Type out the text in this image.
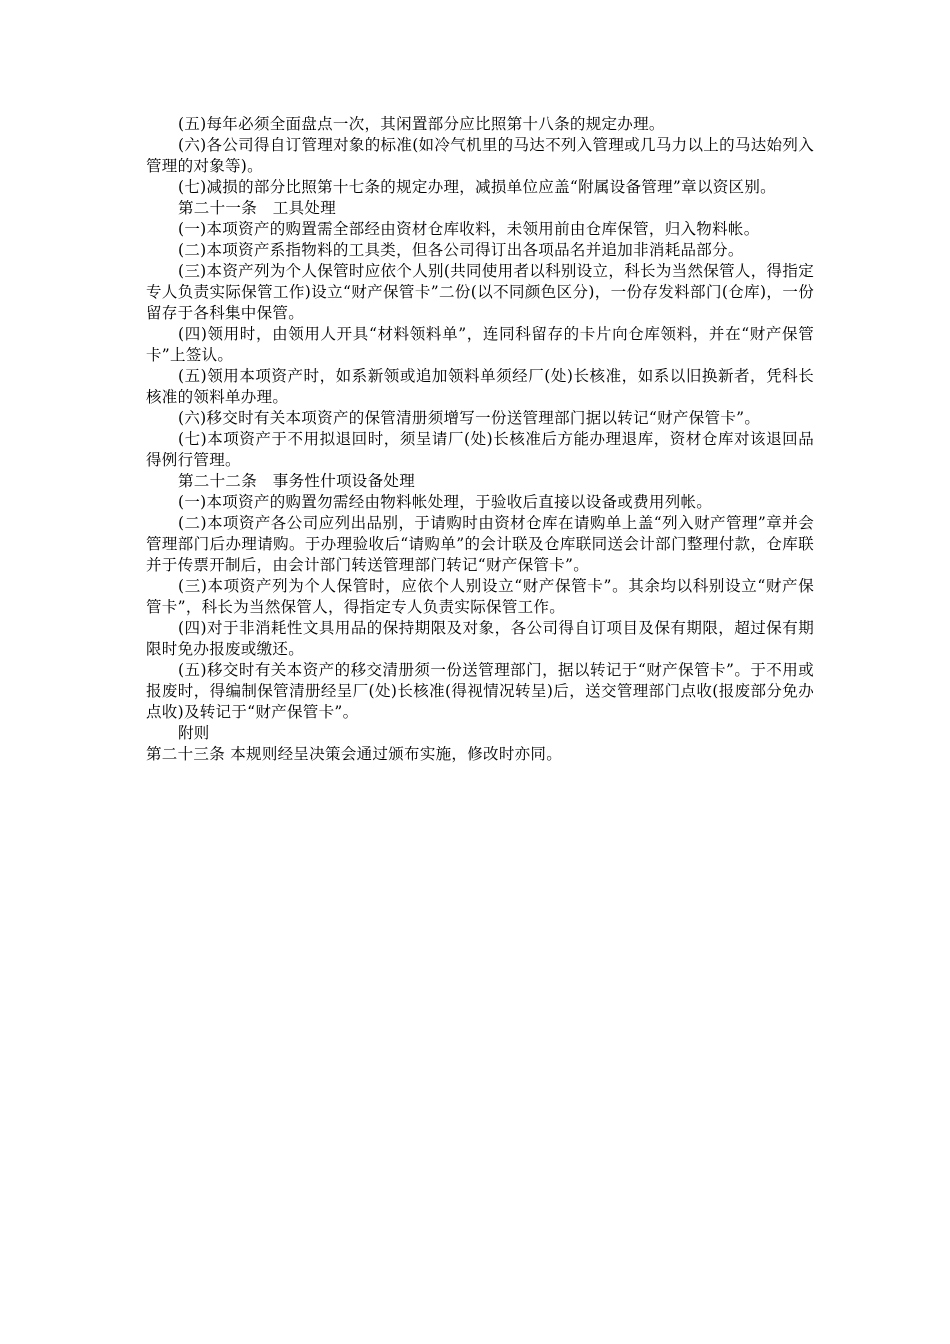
(五)每年必须全面盘点一次，其闲置部分应比照第十八条的规定办理。

(六)各公司得自订管理对象的标准(如冷气机里的马达不列入管理或几马力以上的马达始列入管理的对象等)。

(七)减损的部分比照第十七条的规定办理，减损单位应盖“附属设备管理”章以资区别。

第二十一条　工具处理

(一)本项资产的购置需全部经由资材仓库收料，未领用前由仓库保管，归入物料帐。

(二)本项资产系指物料的工具类，但各公司得订出各项品名并追加非消耗品部分。

(三)本资产列为个人保管时应依个人别(共同使用者以科别设立，科长为当然保管人，得指定专人负责实际保管工作)设立“财产保管卡”二份(以不同颜色区分)，一份存发料部门(仓库)，一份留存于各科集中保管。

(四)领用时，由领用人开具“材料领料单”，连同科留存的卡片向仓库领料，并在“财产保管卡”上签认。

(五)领用本项资产时，如系新领或追加领料单须经厂(处)长核准，如系以旧换新者，凭科长核准的领料单办理。

(六)移交时有关本项资产的保管清册须增写一份送管理部门据以转记“财产保管卡”。

(七)本项资产于不用拟退回时，须呈请厂(处)长核准后方能办理退库，资材仓库对该退回品得例行管理。

第二十二条　事务性什项设备处理

(一)本项资产的购置勿需经由物料帐处理，于验收后直接以设备或费用列帐。

(二)本项资产各公司应列出品别，于请购时由资材仓库在请购单上盖“列入财产管理”章并会管理部门后办理请购。于办理验收后“请购单”的会计联及仓库联同送会计部门整理付款，仓库联并于传票开制后，由会计部门转送管理部门转记“财产保管卡”。

(三)本项资产列为个人保管时，应依个人别设立“财产保管卡”。其余均以科别设立“财产保管卡”，科长为当然保管人，得指定专人负责实际保管工作。

(四)对于非消耗性文具用品的保持期限及对象，各公司得自订项目及保有期限，超过保有期限时免办报废或缴还。

(五)移交时有关本资产的移交清册须一份送管理部门，据以转记于“财产保管卡”。于不用或报废时，得编制保管清册经呈厂(处)长核准(得视情况转呈)后，送交管理部门点收(报废部分免办点收)及转记于“财产保管卡”。

附则

第二十三条 本规则经呈决策会通过颁布实施，修改时亦同。
